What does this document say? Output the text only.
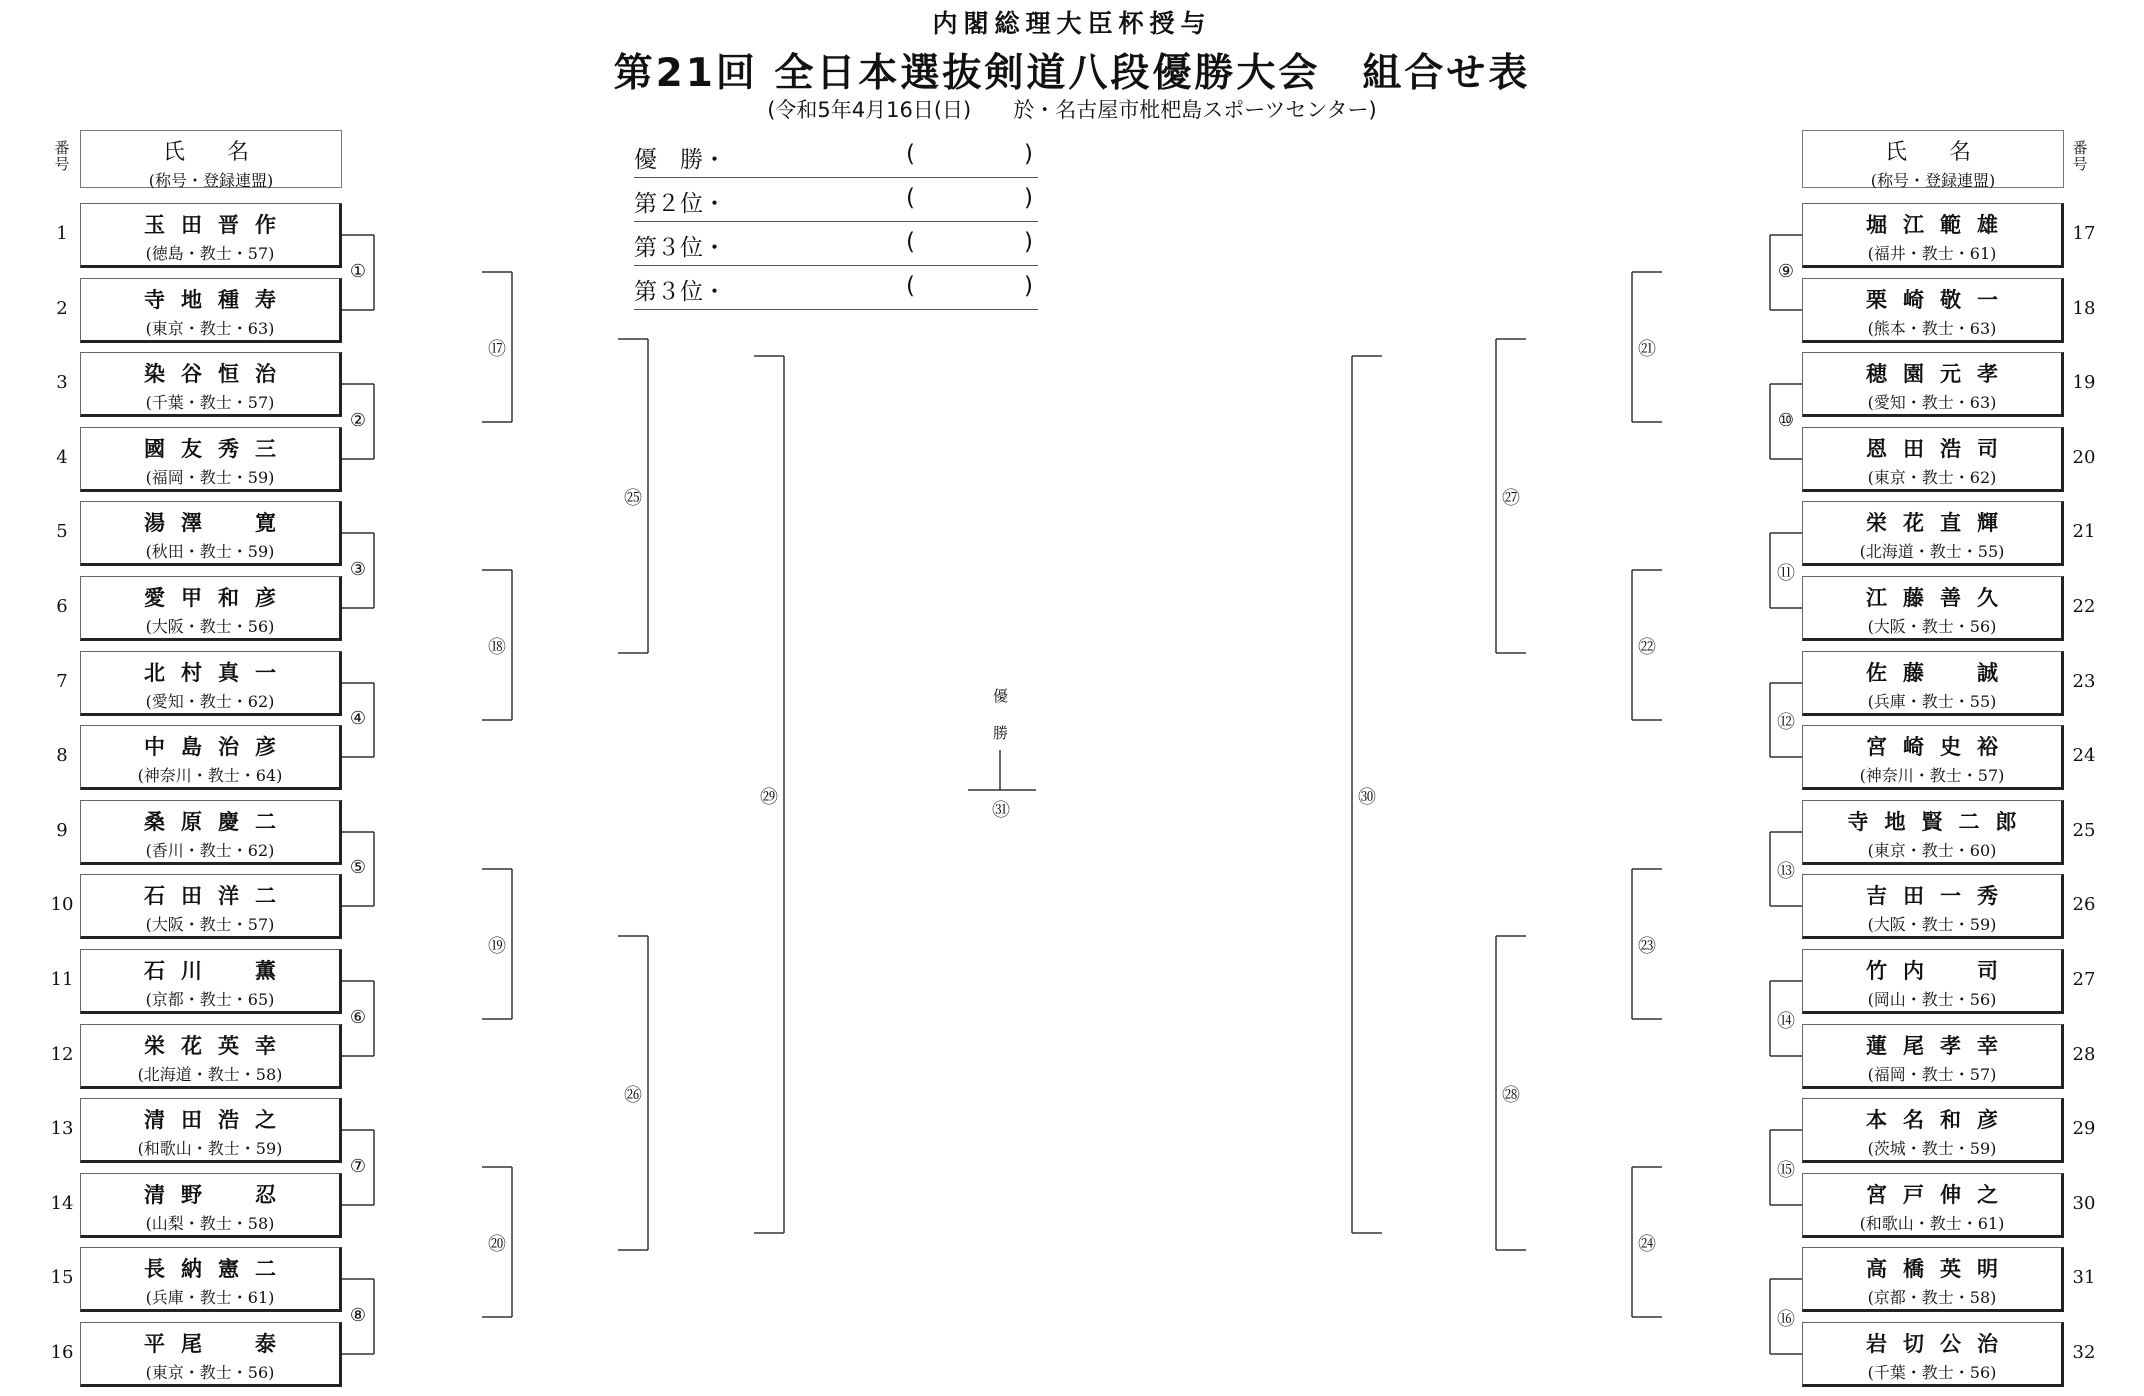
内閣総理大臣杯授与
第21回 全日本選抜剣道八段優勝大会　組合せ表
(令和5年4月16日(日)　　於・名古屋市枇杷島スポーツセンター)
番号	氏　名
(称号・登録連盟)
氏　名
(称号・登録連盟)
番号
優　勝・	(	)
第２位・	(	)
第３位・	(	)
第３位・	(	)
優
勝
玉田晋作
(徳島・教士・57)
1
寺地種寿
(東京・教士・63)
2
染谷恒治
(千葉・教士・57)
3
國友秀三
(福岡・教士・59)
4
湯澤　寛
(秋田・教士・59)
5
愛甲和彦
(大阪・教士・56)
6
北村真一
(愛知・教士・62)
7
中島治彦
(神奈川・教士・64)
8
桑原慶二
(香川・教士・62)
9
石田洋二
(大阪・教士・57)
10
石川　薫
(京都・教士・65)
11
栄花英幸
(北海道・教士・58)
12
清田浩之
(和歌山・教士・59)
13
清野　忍
(山梨・教士・58)
14
長納憲二
(兵庫・教士・61)
15
平尾　泰
(東京・教士・56)
16
堀江範雄
(福井・教士・61)
17
栗崎敬一
(熊本・教士・63)
18
穂園元孝
(愛知・教士・63)
19
恩田浩司
(東京・教士・62)
20
栄花直輝
(北海道・教士・55)
21
江藤善久
(大阪・教士・56)
22
佐藤　誠
(兵庫・教士・55)
23
宮崎史裕
(神奈川・教士・57)
24
寺地賢二郎
(東京・教士・60)
25
吉田一秀
(大阪・教士・59)
26
竹内　司
(岡山・教士・56)
27
蓮尾孝幸
(福岡・教士・57)
28
本名和彦
(茨城・教士・59)
29
宮戸伸之
(和歌山・教士・61)
30
高橋英明
(京都・教士・58)
31
岩切公治
(千葉・教士・56)
32
①
②
③
④
⑤
⑥
⑦
⑧
⑰
⑱
⑲
⑳
㉕
㉖
㉙
⑨
⑩
⑪
⑫
⑬
⑭
⑮
⑯
㉑
㉒
㉓
㉔
㉗
㉘
㉚
㉛
